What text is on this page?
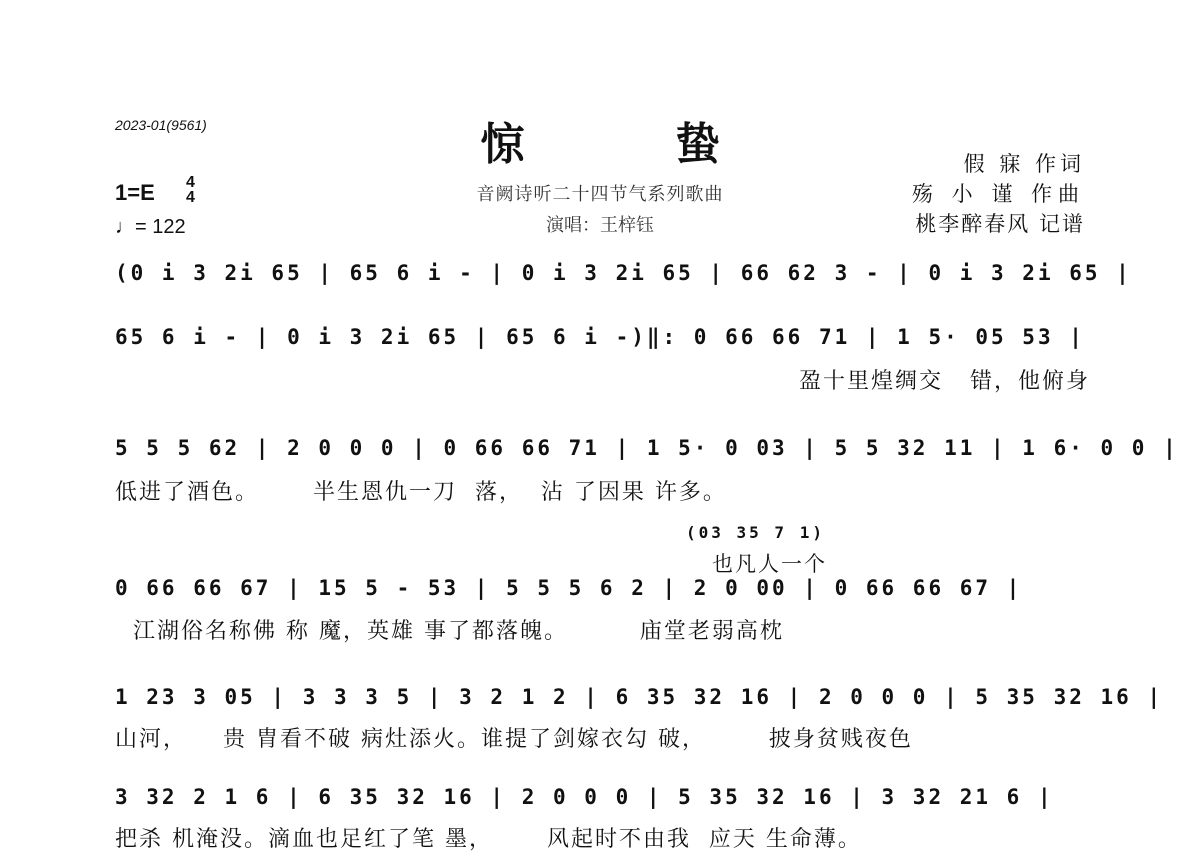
2023-01(9561)	惊 蛰
音阙诗听二十四节气系列歌曲
演唱：王梓钰
假 寐 作词
殇 小 谨 作曲
桃李醉春风 记谱
1=E 4
4
♩= 122
(0 i 3 2i 65 | 65 6 i - | 0 i 3 2i 65 | 66 62 3 - | 0 i 3 2i 65 |
65 6 i - | 0 i 3 2i 65 | 65 6 i -)‖: 0 66 66 71 | 1 5· 05 53 |
盈十里煌绸交   错，他俯身
5 5 5 62 | 2 0 0 0 | 0 66 66 71 | 1 5· 0 03 | 5 5 32 11 | 1 6· 0 0 |
低进了酒色。      半生恩仇一刀  落，  沾 了因果 许多。
(03 35 7 1)
也凡人一个
0 66 66 67 | 15 5 - 53 | 5 5 5 6 2 | 2 0 00 | 0 66 66 67 |
江湖俗名称佛 称 魔，英雄 事了都落魄。        庙堂老弱高枕
1 23 3 05 | 3 3 3 5 | 3 2 1 2 | 6 35 32 16 | 2 0 0 0 | 5 35 32 16 |
山河，    贵 胄看不破 病灶添火。谁提了剑嫁衣勾 破，       披身贫贱夜色
3 32 2 1 6 | 6 35 32 16 | 2 0 0 0 | 5 35 32 16 | 3 32 21 6 |
把杀 机淹没。滴血也足红了笔 墨，      风起时不由我  应天 生命薄。
